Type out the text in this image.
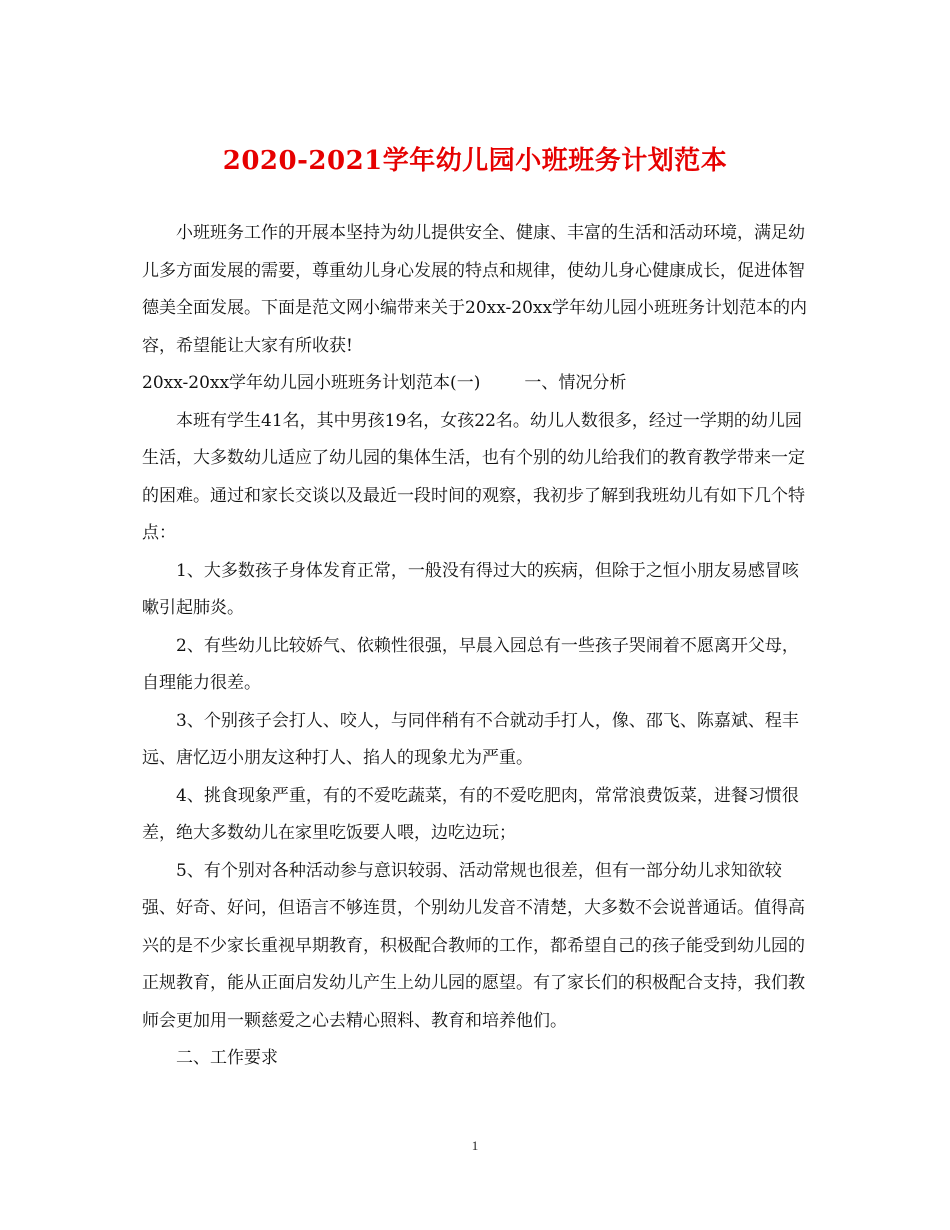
2020-2021学年幼儿园小班班务计划范本

小班班务工作的开展本坚持为幼儿提供安全、健康、丰富的生活和活动环境，满足幼儿多方面发展的需要，尊重幼儿身心发展的特点和规律，使幼儿身心健康成长，促进体智德美全面发展。下面是范文网小编带来关于20xx-20xx学年幼儿园小班班务计划范本的内容，希望能让大家有所收获!

20xx-20xx学年幼儿园小班班务计划范本(一)	一、情况分析

本班有学生41名，其中男孩19名，女孩22名。幼儿人数很多，经过一学期的幼儿园生活，大多数幼儿适应了幼儿园的集体生活，也有个别的幼儿给我们的教育教学带来一定的困难。通过和家长交谈以及最近一段时间的观察，我初步了解到我班幼儿有如下几个特点：

1、大多数孩子身体发育正常，一般没有得过大的疾病，但除于之恒小朋友易感冒咳嗽引起肺炎。

2、有些幼儿比较娇气、依赖性很强，早晨入园总有一些孩子哭闹着不愿离开父母，自理能力很差。

3、个别孩子会打人、咬人，与同伴稍有不合就动手打人，像、邵飞、陈嘉斌、程丰远、唐忆迈小朋友这种打人、掐人的现象尤为严重。

4、挑食现象严重，有的不爱吃蔬菜，有的不爱吃肥肉，常常浪费饭菜，进餐习惯很差，绝大多数幼儿在家里吃饭要人喂，边吃边玩；

5、有个别对各种活动参与意识较弱、活动常规也很差，但有一部分幼儿求知欲较强、好奇、好问，但语言不够连贯，个别幼儿发音不清楚，大多数不会说普通话。值得高兴的是不少家长重视早期教育，积极配合教师的工作，都希望自己的孩子能受到幼儿园的正规教育，能从正面启发幼儿产生上幼儿园的愿望。有了家长们的积极配合支持，我们教师会更加用一颗慈爱之心去精心照料、教育和培养他们。

二、工作要求

1
